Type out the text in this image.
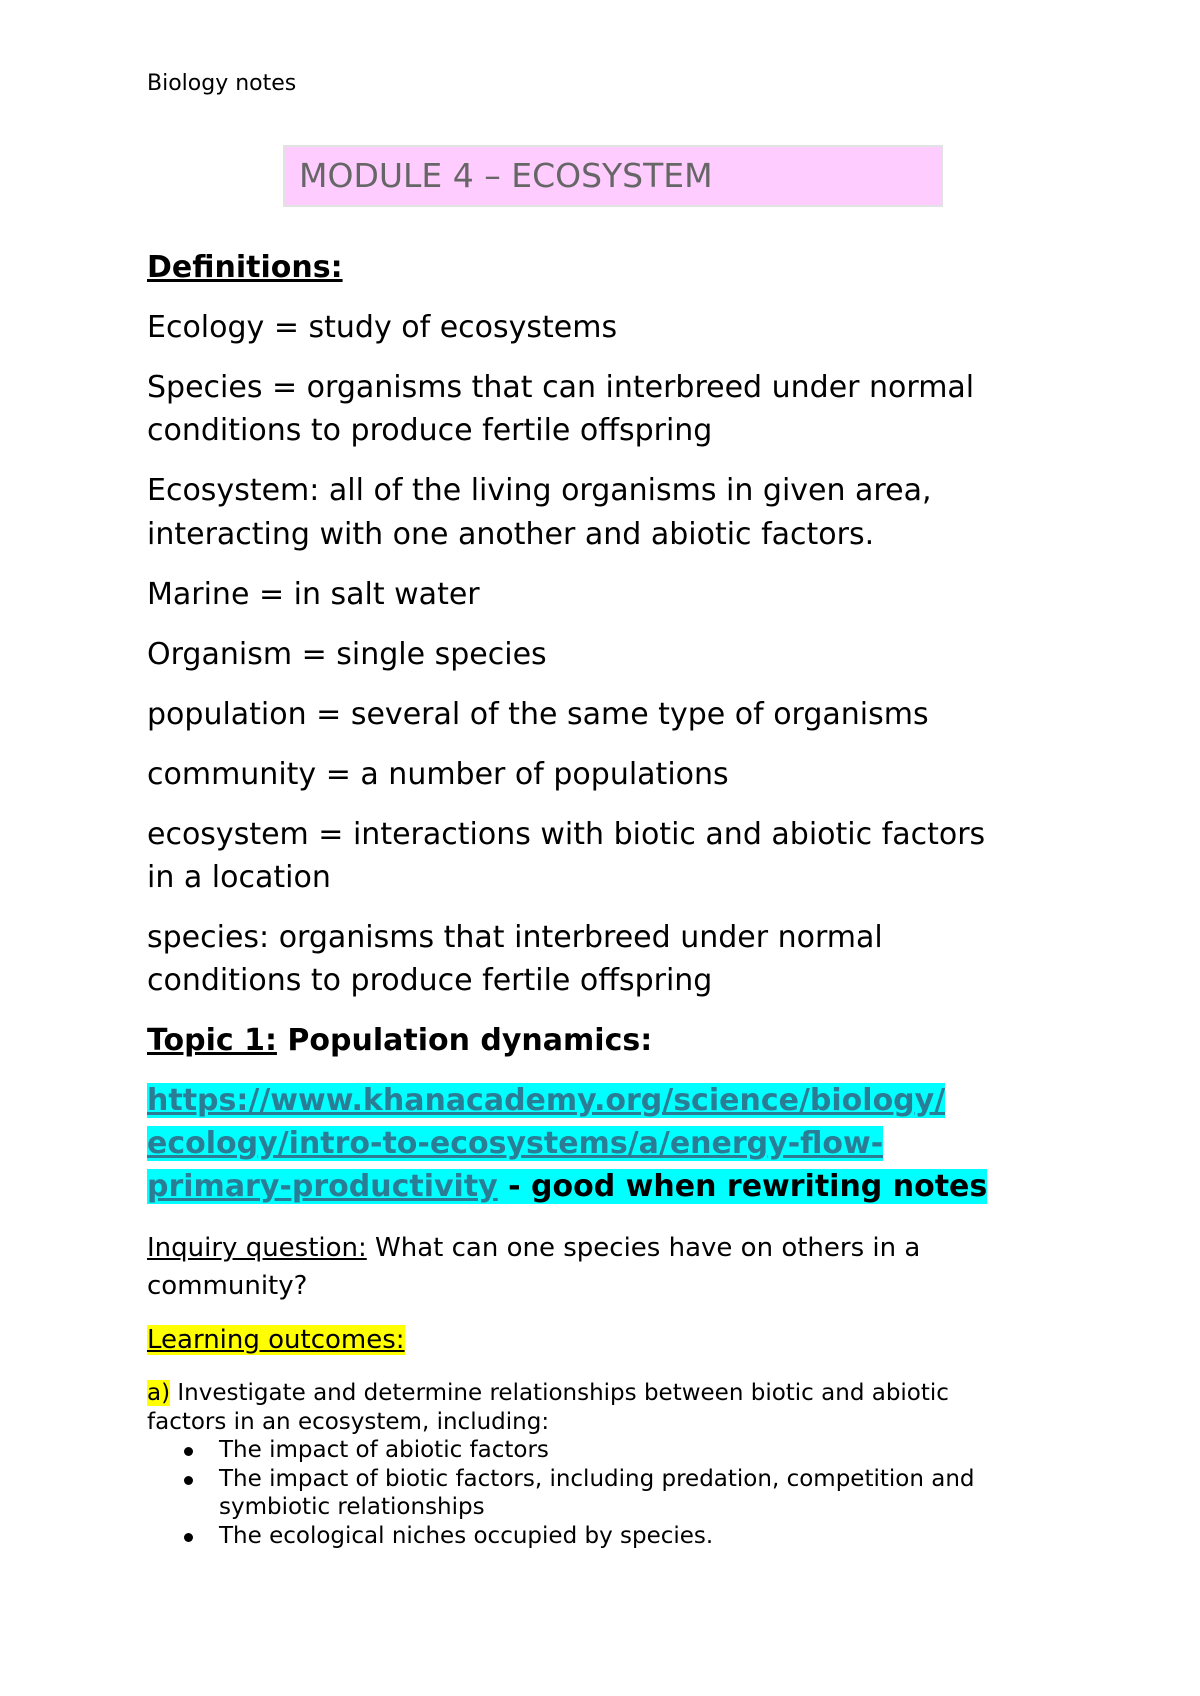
Biology notes
MODULE 4 – ECOSYSTEM
Definitions:
Ecology = study of ecosystems
Species = organisms that can interbreed under normal
conditions to produce fertile offspring
Ecosystem: all of the living organisms in given area,
interacting with one another and abiotic factors.
Marine = in salt water
Organism = single species
population = several of the same type of organisms
community = a number of populations
ecosystem = interactions with biotic and abiotic factors
in a location
species: organisms that interbreed under normal
conditions to produce fertile offspring
Topic 1: Population dynamics:
https://www.khanacademy.org/science/biology/
ecology/intro-to-ecosystems/a/energy-flow-
primary-productivity - good when rewriting notes
Inquiry question: What can one species have on others in a
community?
Learning outcomes:
a) Investigate and determine relationships between biotic and abiotic
factors in an ecosystem, including:
The impact of abiotic factors
The impact of biotic factors, including predation, competition and
symbiotic relationships
The ecological niches occupied by species.
